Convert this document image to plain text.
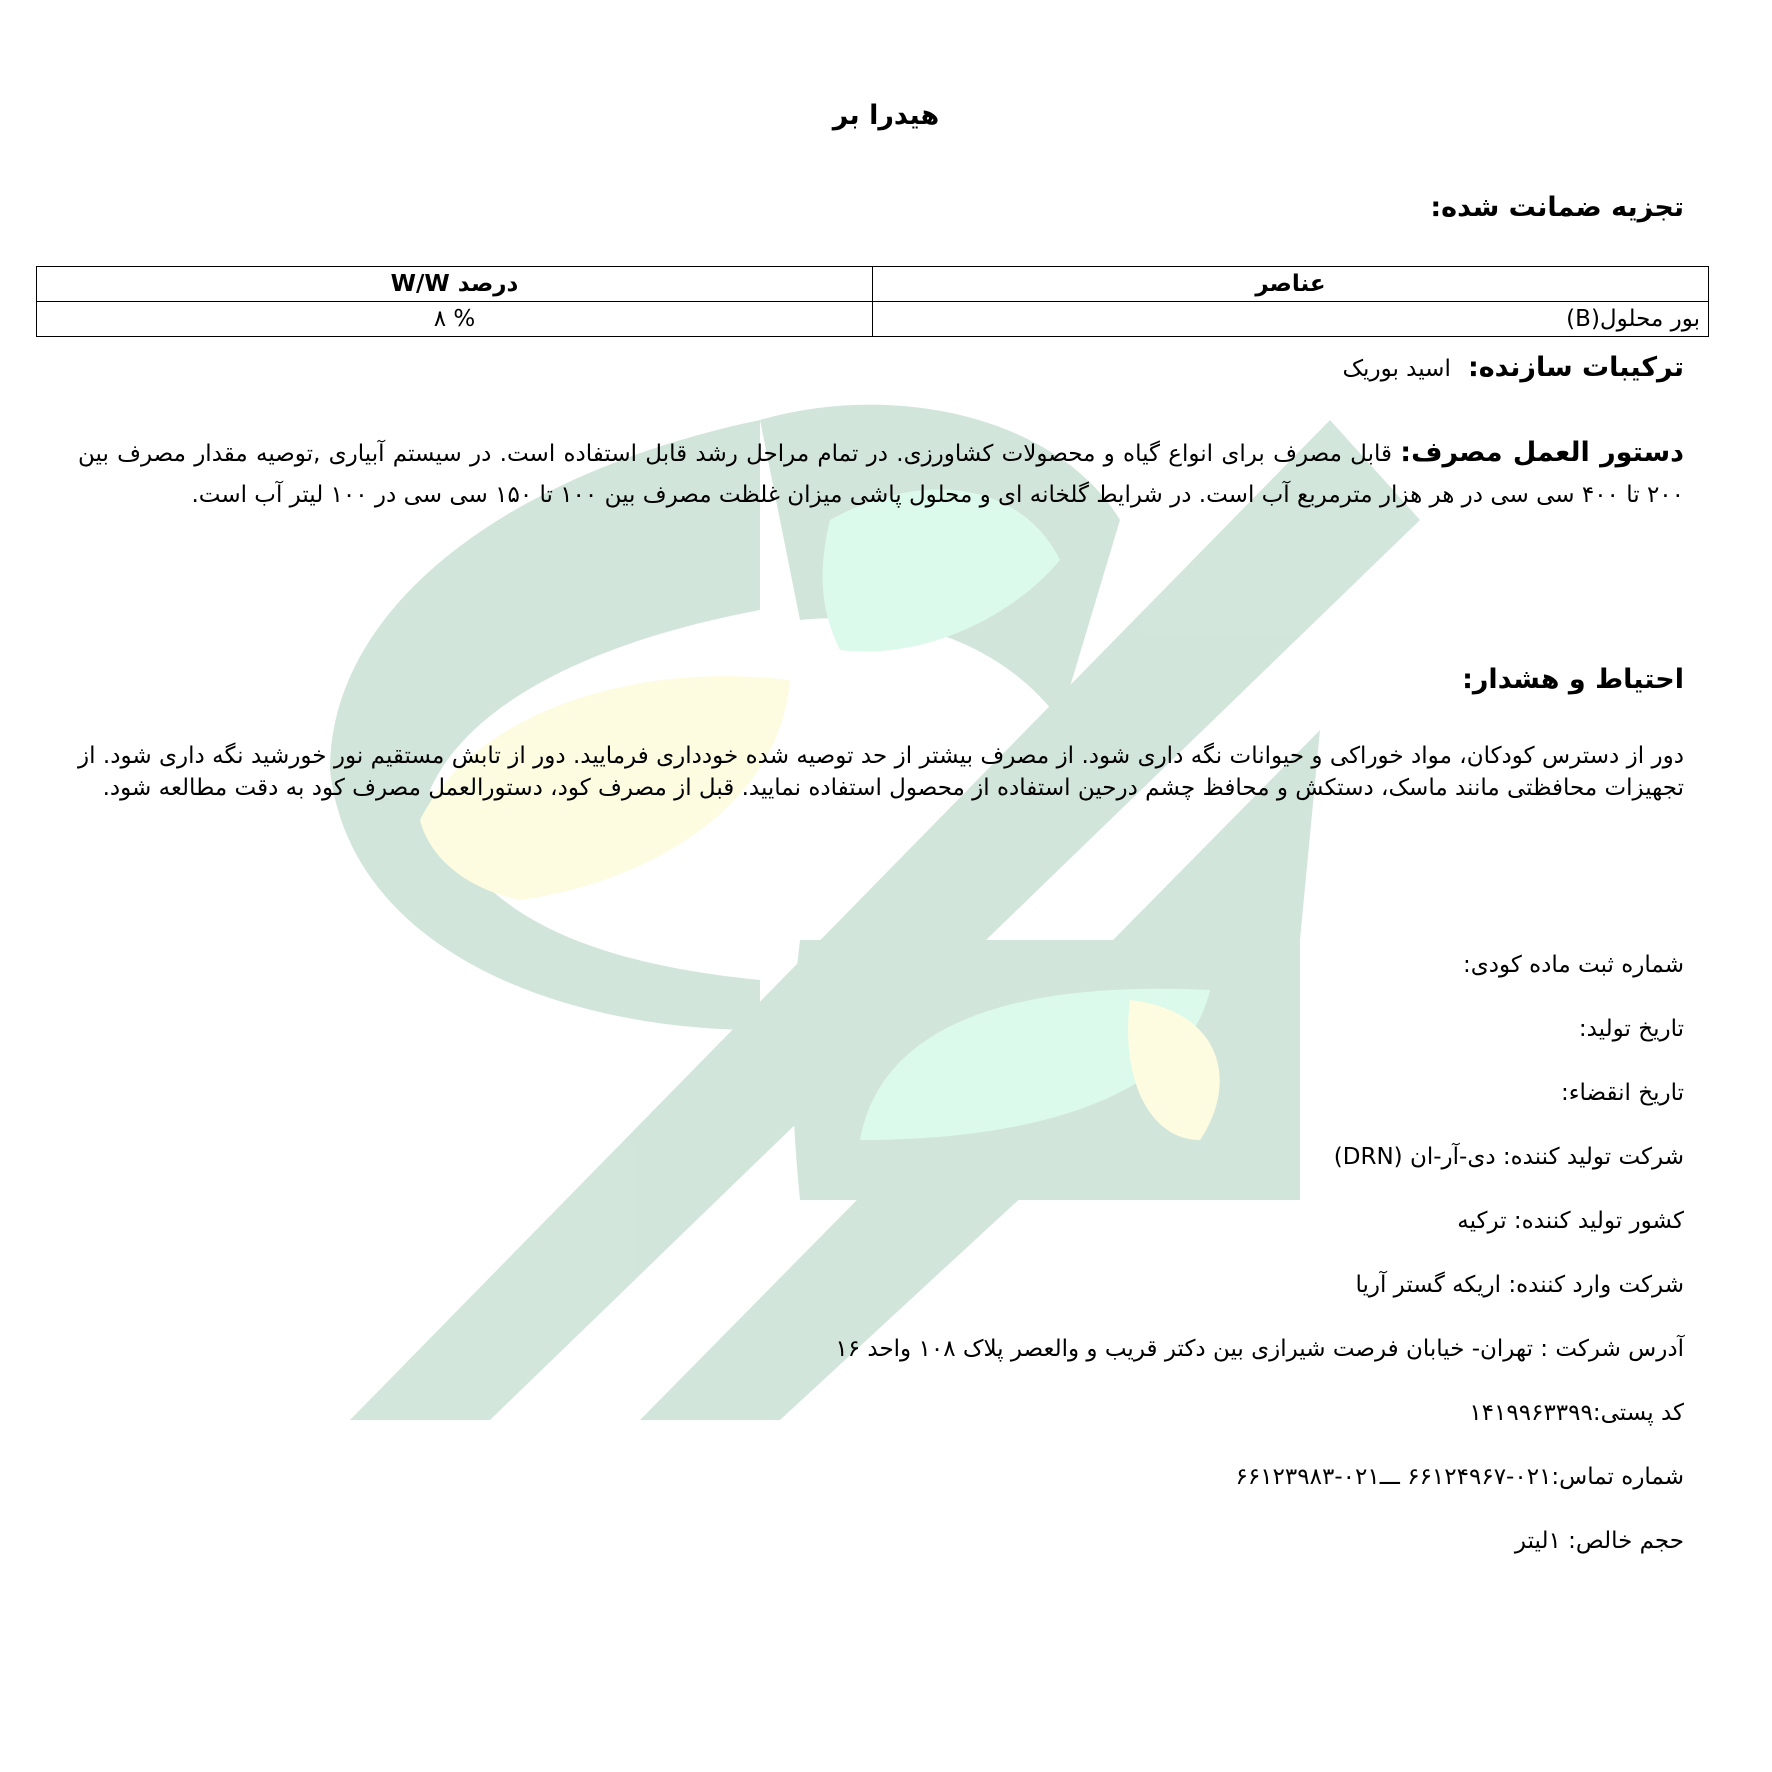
هیدرا بر
تجزیه ضمانت شده:
عناصر	درصد W/W
بور محلول(B)	% ۸
ترکیبات سازنده: اسید بوریک
دستور العمل مصرف: قابل مصرف برای انواع گیاه و محصولات کشاورزی. در تمام مراحل رشد قابل استفاده است. در سیستم آبیاری ,توصیه مقدار مصرف بین ۲۰۰ تا ۴۰۰ سی سی در هر هزار مترمربع آب است. در شرایط گلخانه ای و محلول پاشی میزان غلظت مصرف بین ۱۰۰ تا ۱۵۰ سی سی در ۱۰۰ لیتر آب است.
احتیاط و هشدار:
دور از دسترس کودکان، مواد خوراکی و حیوانات نگه داری شود. از مصرف بیشتر از حد توصیه شده خودداری فرمایید. دور از تابش مستقیم نور خورشید نگه داری شود. از تجهیزات محافظتی مانند ماسک، دستکش و محافظ چشم درحین استفاده از محصول استفاده نمایید. قبل از مصرف کود، دستورالعمل مصرف کود به دقت مطالعه شود.
شماره ثبت ماده کودی:
تاریخ تولید:
تاریخ انقضاء:
شرکت تولید کننده: دی-آر-ان (DRN)
کشور تولید کننده: ترکیه
شرکت وارد کننده: اریکه گستر آریا
آدرس شرکت : تهران- خیابان فرصت شیرازی بین دکتر قریب و والعصر پلاک ۱۰۸ واحد ۱۶
کد پستی:۱۴۱۹۹۶۳۳۹۹
شماره تماس:۰۲۱-۶۶۱۲۴۹۶۷ ـــ۰۲۱-۶۶۱۲۳۹۸۳
حجم خالص: ۱لیتر
